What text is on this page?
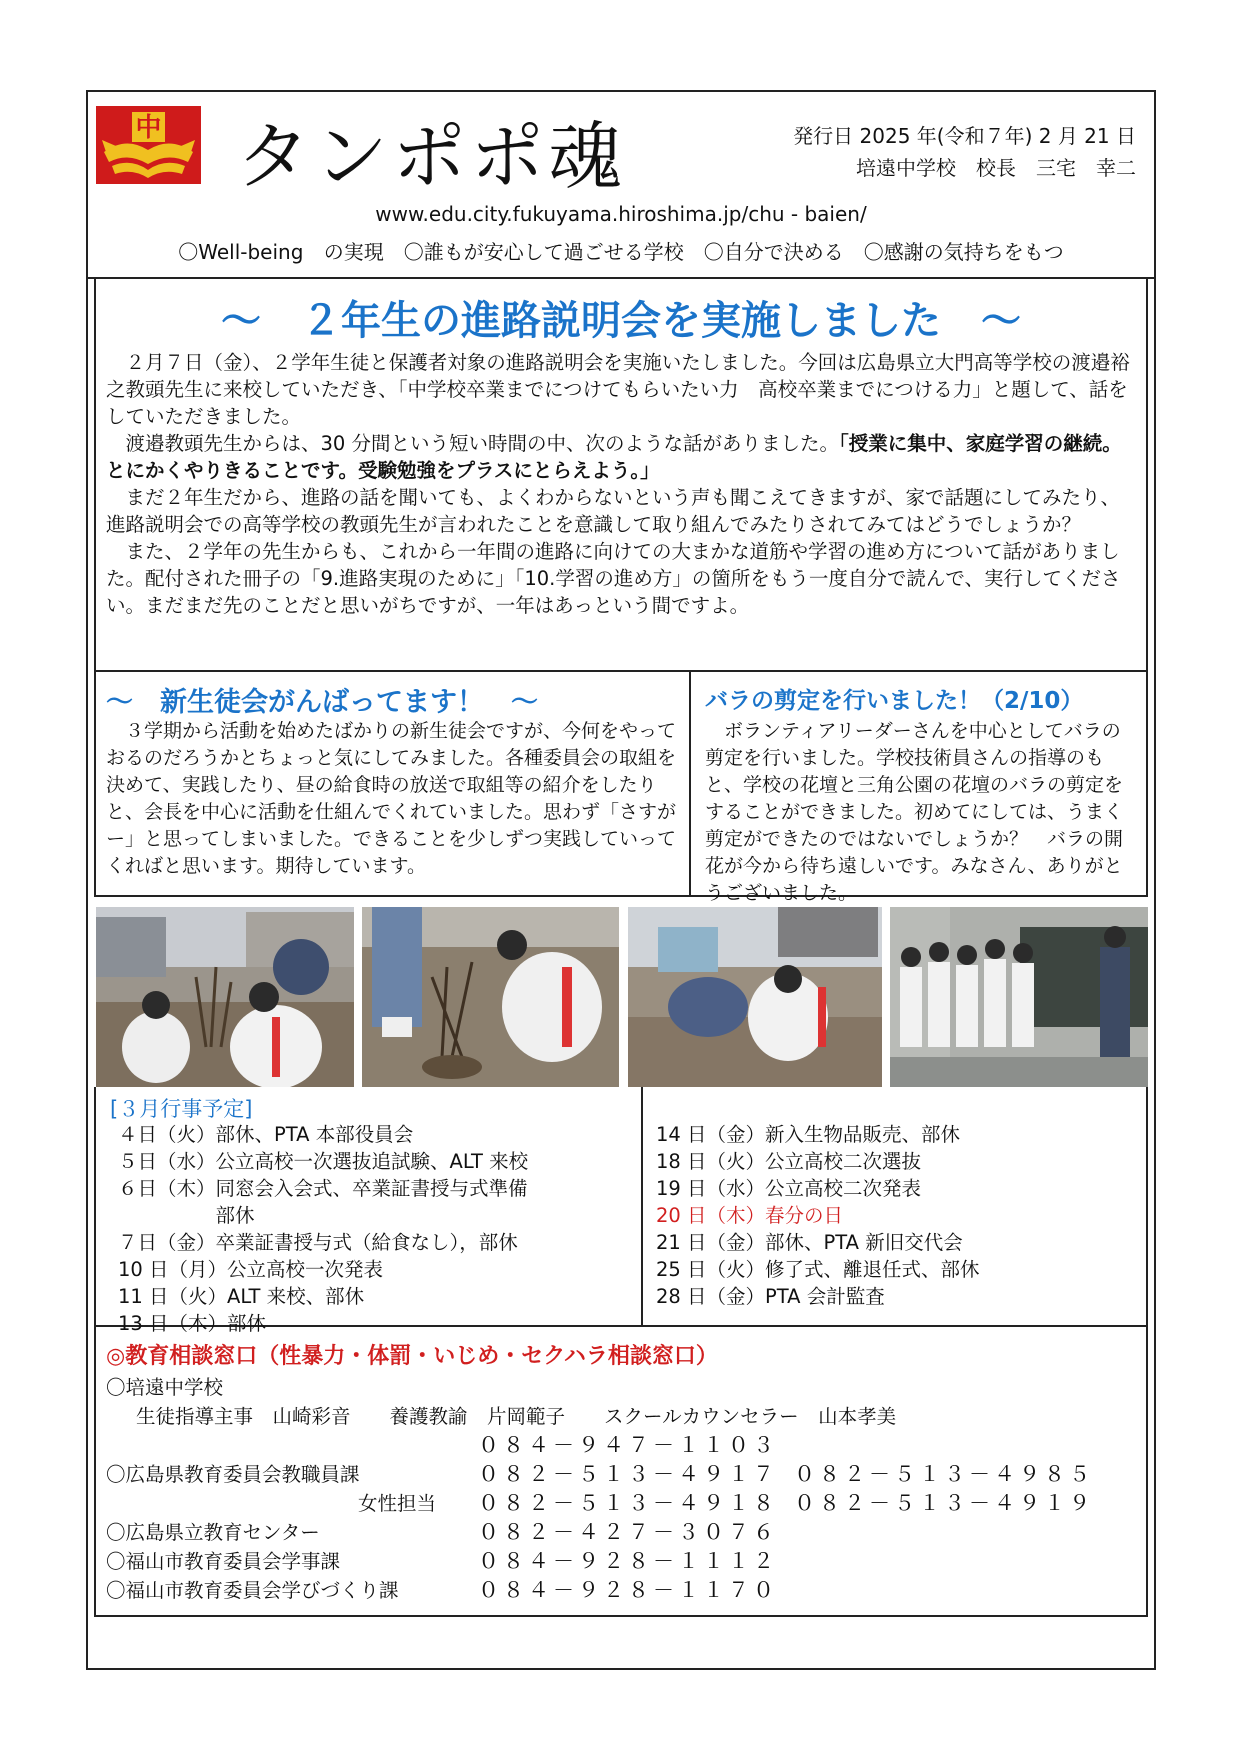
中 タンポポ魂	発行日 2025 年(令和７年) 2 月 21 日
培遠中学校　校長　三宅　幸二
www.edu.city.fukuyama.hiroshima.jp/chu - baien/
〇Well-being の実現　〇誰もが安心して過ごせる学校　〇自分で決める　〇感謝の気持ちをもつ
～　２年生の進路説明会を実施しました　～

２月７日（金）、２学年生徒と保護者対象の進路説明会を実施いたしました。今回は広島県立大門高等学校の渡邉裕之教頭先生に来校していただき、「中学校卒業までにつけてもらいたい力　高校卒業までにつける力」と題して、話をしていただきました。

渡邉教頭先生からは、30 分間という短い時間の中、次のような話がありました。「授業に集中、家庭学習の継続。とにかくやりきることです。受験勉強をプラスにとらえよう。」

まだ２年生だから、進路の話を聞いても、よくわからないという声も聞こえてきますが、家で話題にしてみたり、進路説明会での高等学校の教頭先生が言われたことを意識して取り組んでみたりされてみてはどうでしょうか？

また、２学年の先生からも、これから一年間の進路に向けての大まかな道筋や学習の進め方について話がありました。配付された冊子の「9.進路実現のために」「10.学習の進め方」の箇所をもう一度自分で読んで、実行してください。まだまだ先のことだと思いがちですが、一年はあっという間ですよ。

～　新生徒会がんばってます！　～

３学期から活動を始めたばかりの新生徒会ですが、今何をやっておるのだろうかとちょっと気にしてみました。各種委員会の取組を決めて、実践したり、昼の給食時の放送で取組等の紹介をしたりと、会長を中心に活動を仕組んでくれていました。思わず「さすがー」と思ってしまいました。できることを少しずつ実践していってくればと思います。期待しています。

バラの剪定を行いました！（2/10）

ボランティアリーダーさんを中心としてバラの剪定を行いました。学校技術員さんの指導のもと、学校の花壇と三角公園の花壇のバラの剪定をすることができました。初めてにしては、うまく剪定ができたのではないでしょうか？　バラの開花が今から待ち遠しいです。みなさん、ありがとうございました。

[３月行事予定]
４日（火）部休、PTA 本部役員会
５日（水）公立高校一次選抜追試験、ALT 来校
６日（木）同窓会入会式、卒業証書授与式準備
　　　　　部休
７日（金）卒業証書授与式（給食なし），部休
10 日（月）公立高校一次発表
11 日（火）ALT 来校、部休
13 日（木）部休
14 日（金）新入生物品販売、部休
18 日（火）公立高校二次選抜
19 日（水）公立高校二次発表
20 日（木）春分の日
21 日（金）部休、PTA 新旧交代会
25 日（火）修了式、離退任式、部休
28 日（金）PTA 会計監査
◎教育相談窓口（性暴力・体罰・いじめ・セクハラ相談窓口）
〇培遠中学校
生徒指導主事　山崎彩音　　養護教諭　片岡範子　　スクールカウンセラー　山本孝美
０８４－９４７－１１０３
〇広島県教育委員会教職員課	０８２－５１３－４９１７ ０８２－５１３－４９８５
女性担当 ０８２－５１３－４９１８ ０８２－５１３－４９１９
〇広島県立教育センター	０８２－４２７－３０７６
〇福山市教育委員会学事課	０８４－９２８－１１１２
〇福山市教育委員会学びづくり課	０８４－９２８－１１７０
